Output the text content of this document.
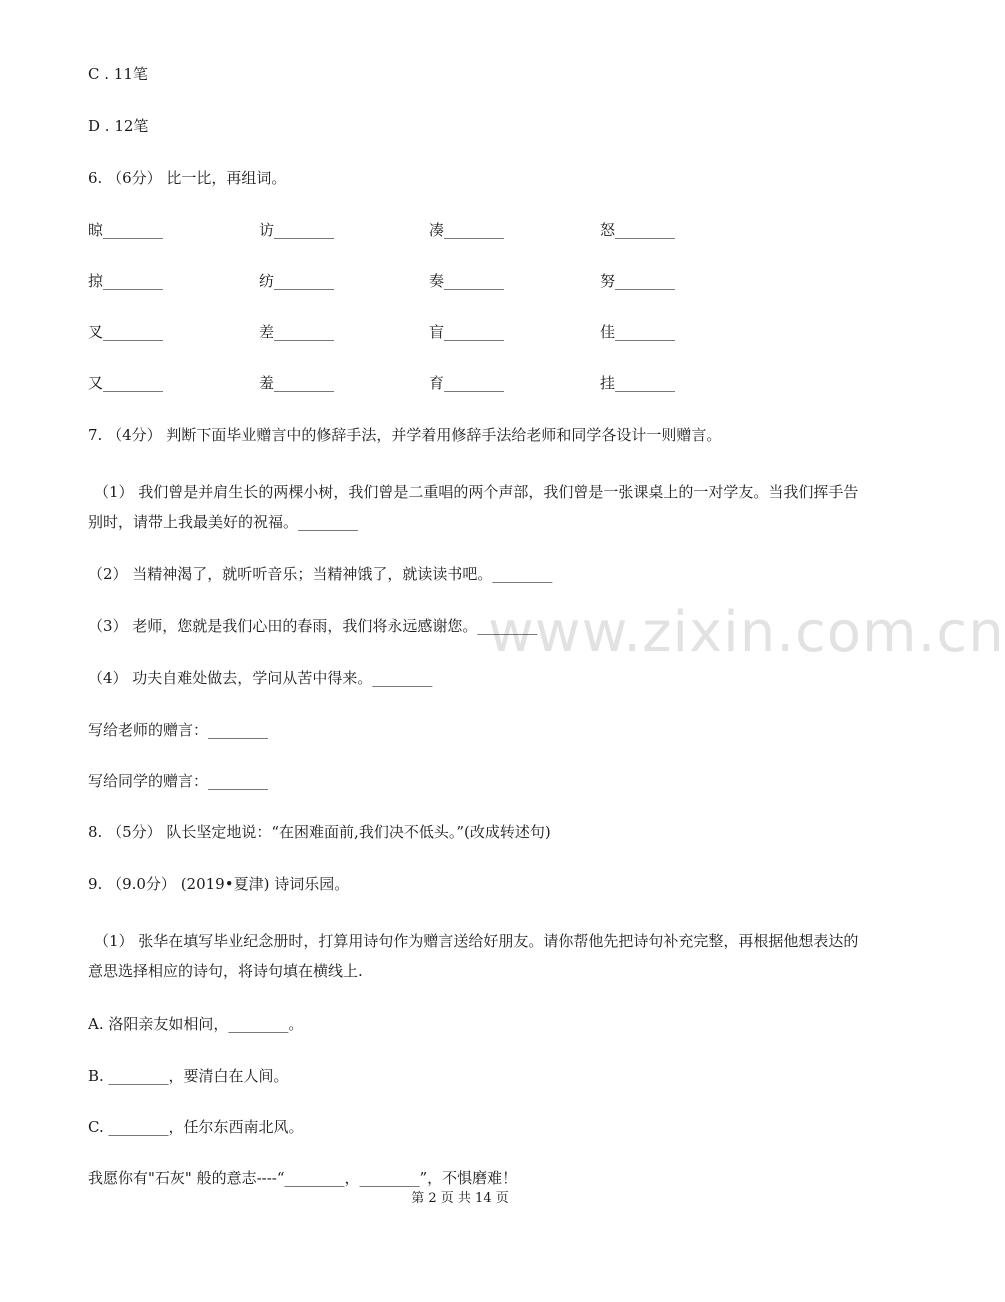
www.zixin.com.cn
C . 11笔
D . 12笔
6. （6分） 比一比，再组词。
晾________	访________	凑________	怒________
掠________	纺________	奏________	努________
叉________	差________	盲________	佳________
又________	羞________	育________	挂________
7. （4分） 判断下面毕业赠言中的修辞手法，并学着用修辞手法给老师和同学各设计一则赠言。
（1） 我们曾是并肩生长的两棵小树，我们曾是二重唱的两个声部，我们曾是一张课桌上的一对学友。当我们挥手告别时，请带上我最美好的祝福。________
（2） 当精神渴了，就听听音乐；当精神饿了，就读读书吧。________
（3） 老师，您就是我们心田的春雨，我们将永远感谢您。________
（4） 功夫自难处做去，学问从苦中得来。________
写给老师的赠言：________
写给同学的赠言：________
8. （5分） 队长坚定地说：“在困难面前,我们决不低头。”(改成转述句)
9. （9.0分） (2019•夏津) 诗词乐园。
（1） 张华在填写毕业纪念册时，打算用诗句作为赠言送给好朋友。请你帮他先把诗句补充完整，再根据他想表达的意思选择相应的诗句，将诗句填在横线上.
A. 洛阳亲友如相问，________。
B. ________，要清白在人间。
C. ________，任尔东西南北风。
我愿你有"石灰" 般的意志----“________，________”，不惧磨难！
第 2 页 共 14 页
